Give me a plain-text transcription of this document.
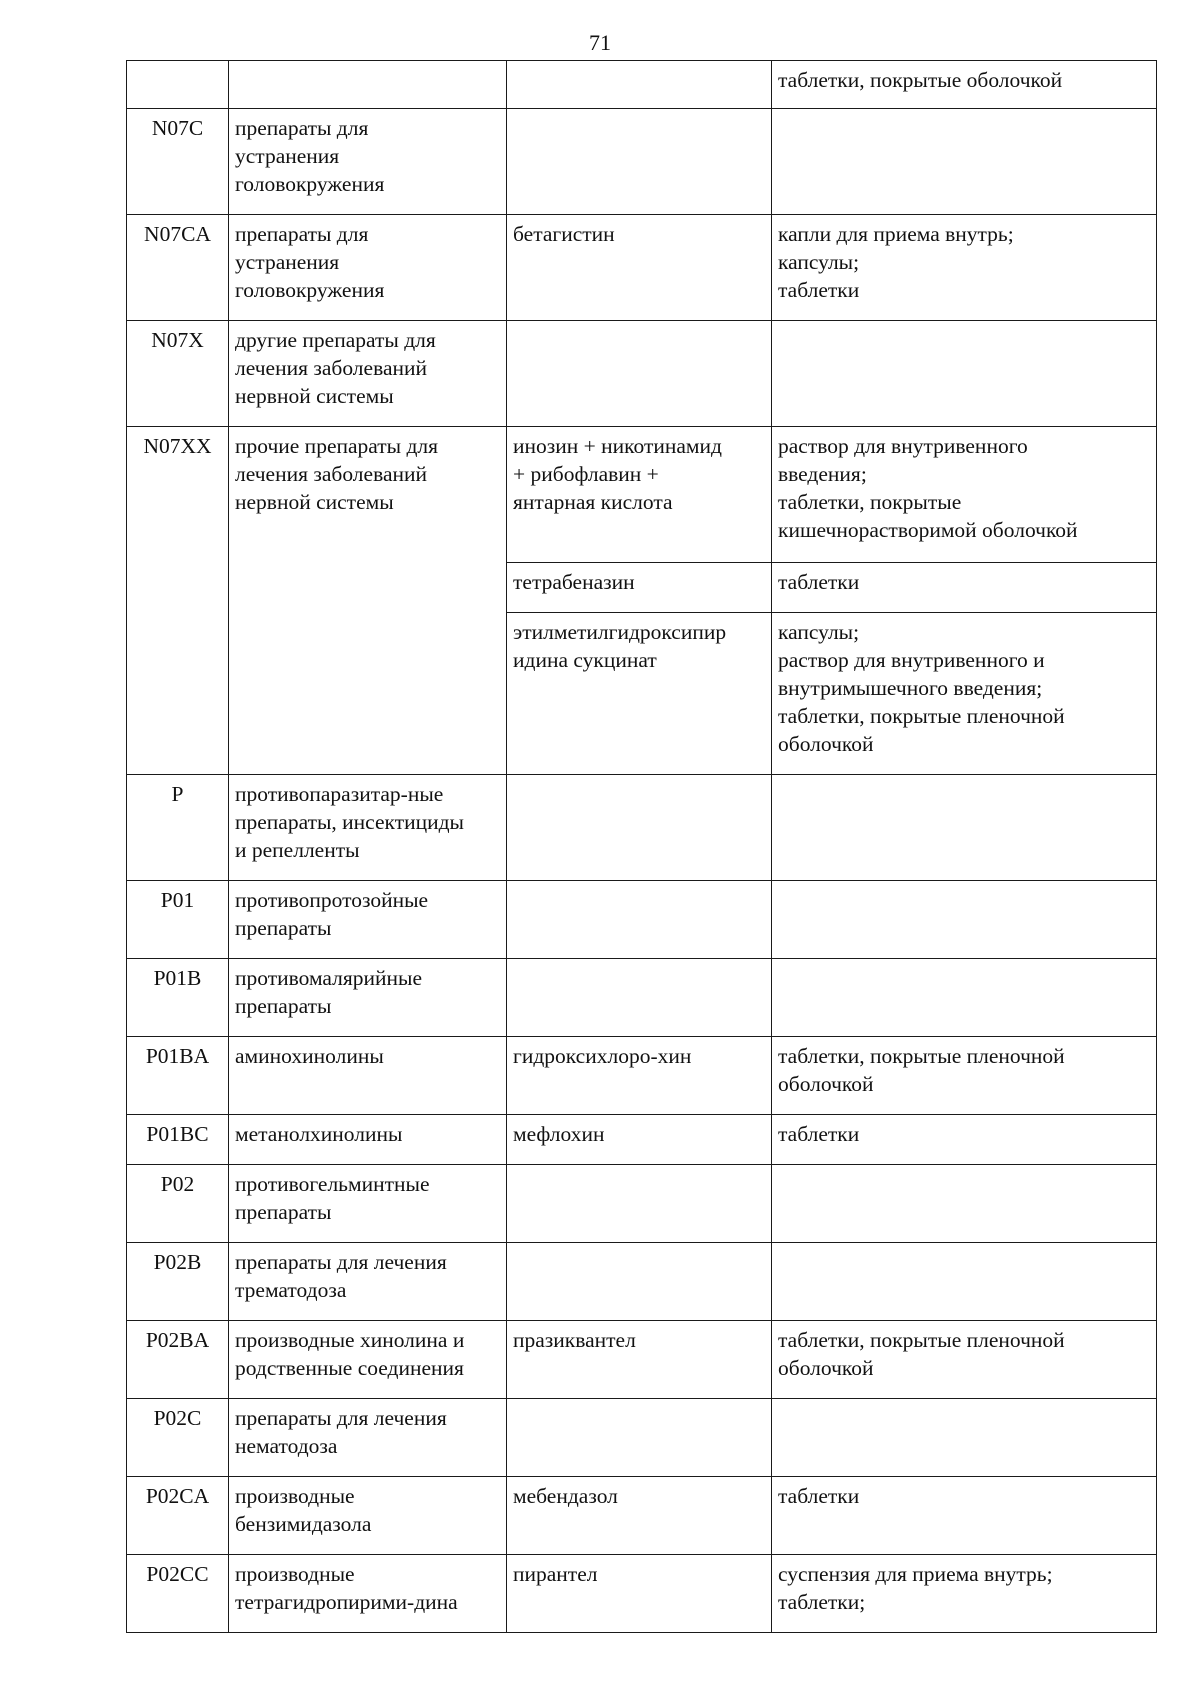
71

			таблетки, покрытые оболочкой

N07C	препараты для
устранения
головокружения		

N07CA	препараты для
устранения
головокружения	бетагистин	капли для приема внутрь;
капсулы;
таблетки

N07X	другие препараты для
лечения заболеваний
нервной системы		

N07XX	прочие препараты для
лечения заболеваний
нервной системы	инозин + никотинамид
+ рибофлавин +
янтарная кислота	раствор для внутривенного
введения;
таблетки, покрытые
кишечнорастворимой оболочкой

		тетрабеназин	таблетки

		этилметилгидроксипир
идина сукцинат	капсулы;
раствор для внутривенного и
внутримышечного введения;
таблетки, покрытые пленочной
оболочкой

P	противопаразитар-ные
препараты, инсектициды
и репелленты		

P01	противопротозойные
препараты		

P01B	противомалярийные
препараты		

P01BA	аминохинолины	гидроксихлоро-хин	таблетки, покрытые пленочной
оболочкой

P01BC	метанолхинолины	мефлохин	таблетки

P02	противогельминтные
препараты		

P02B	препараты для лечения
трематодоза		

P02BA	производные хинолина и
родственные соединения	празиквантел	таблетки, покрытые пленочной
оболочкой

P02C	препараты для лечения
нематодоза		

P02CA	производные
бензимидазола	мебендазол	таблетки

P02CC	производные
тетрагидропирими-дина	пирантел	суспензия для приема внутрь;
таблетки;
